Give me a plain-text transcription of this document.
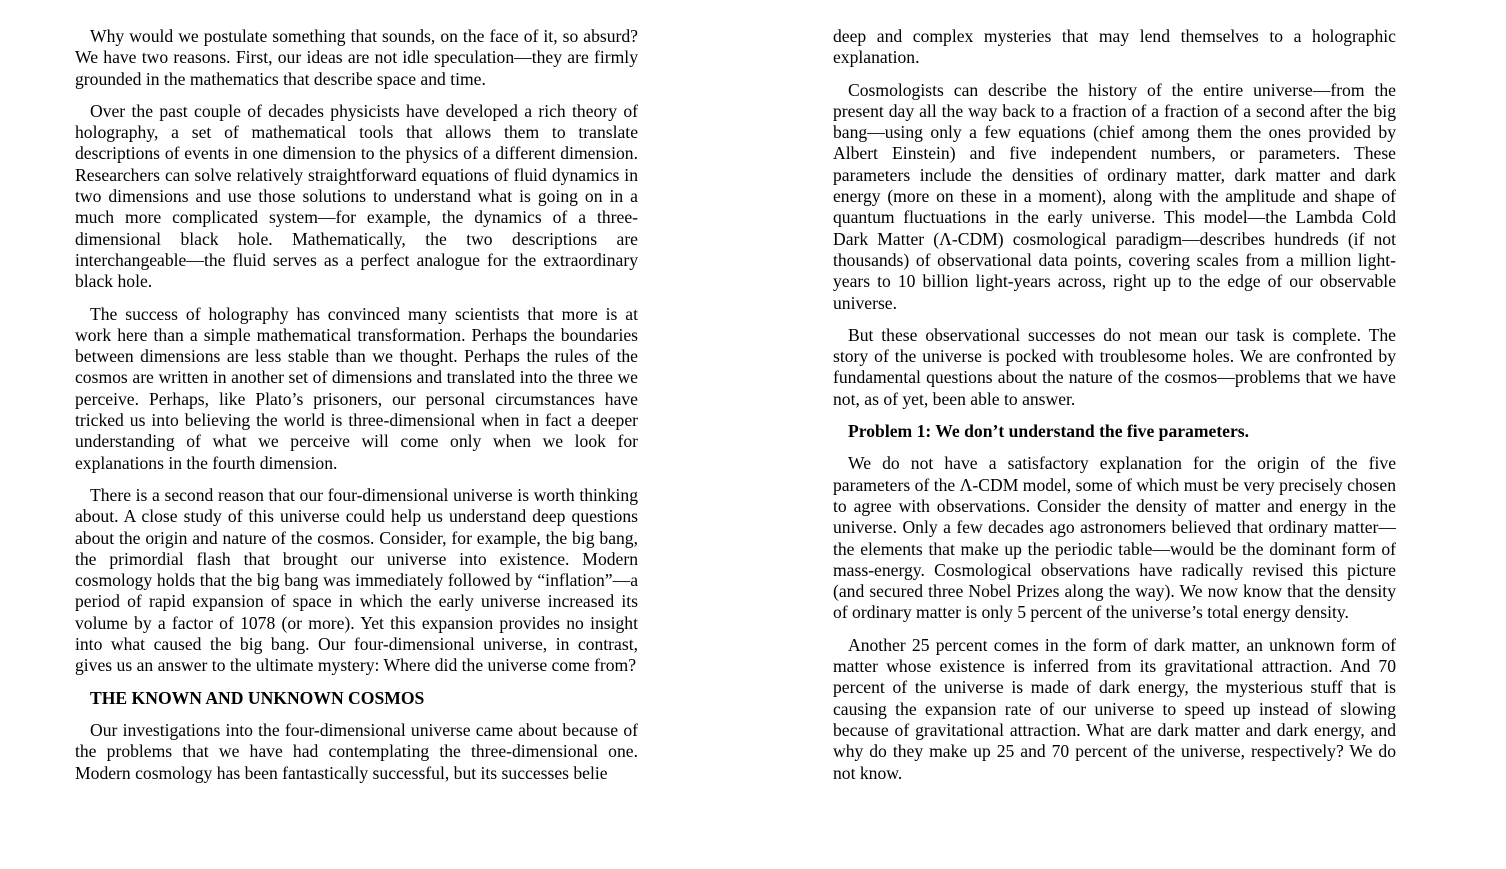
Why would we postulate something that sounds, on the face of it, so absurd? We have two reasons. First, our ideas are not idle speculation—they are firmly grounded in the mathematics that describe space and time.

Over the past couple of decades physicists have developed a rich theory of holography, a set of mathematical tools that allows them to translate descriptions of events in one dimension to the physics of a different dimension. Researchers can solve relatively straightforward equations of fluid dynamics in two dimensions and use those solutions to understand what is going on in a much more complicated system—for example, the dynamics of a three-dimensional black hole. Mathematically, the two descriptions are interchangeable—the fluid serves as a perfect analogue for the extraordinary black hole.

The success of holography has convinced many scientists that more is at work here than a simple mathematical transformation. Perhaps the boundaries between dimensions are less stable than we thought. Perhaps the rules of the cosmos are written in another set of dimensions and translated into the three we perceive. Perhaps, like Plato’s prisoners, our personal circumstances have tricked us into believing the world is three-dimensional when in fact a deeper understanding of what we perceive will come only when we look for explanations in the fourth dimension.

There is a second reason that our four-dimensional universe is worth thinking about. A close study of this universe could help us understand deep questions about the origin and nature of the cosmos. Consider, for example, the big bang, the primordial flash that brought our universe into existence. Modern cosmology holds that the big bang was immediately followed by “inflation”—a period of rapid expansion of space in which the early universe increased its volume by a factor of 1078 (or more). Yet this expansion provides no insight into what caused the big bang. Our four-dimensional universe, in contrast, gives us an answer to the ultimate mystery: Where did the universe come from?

THE KNOWN AND UNKNOWN COSMOS

Our investigations into the four-dimensional universe came about because of the problems that we have had contemplating the three-dimensional one. Modern cosmology has been fantastically successful, but its successes belie

deep and complex mysteries that may lend themselves to a holographic explanation.

Cosmologists can describe the history of the entire universe—from the present day all the way back to a fraction of a fraction of a second after the big bang—using only a few equations (chief among them the ones provided by Albert Einstein) and five independent numbers, or parameters. These parameters include the densities of ordinary matter, dark matter and dark energy (more on these in a moment), along with the amplitude and shape of quantum fluctuations in the early universe. This model—the Lambda Cold Dark Matter (Λ-CDM) cosmological paradigm—describes hundreds (if not thousands) of observational data points, covering scales from a million light-years to 10 billion light-years across, right up to the edge of our observable universe.

But these observational successes do not mean our task is complete. The story of the universe is pocked with troublesome holes. We are confronted by fundamental questions about the nature of the cosmos—problems that we have not, as of yet, been able to answer.

Problem 1: We don’t understand the five parameters.

We do not have a satisfactory explanation for the origin of the five parameters of the Λ-CDM model, some of which must be very precisely chosen to agree with observations. Consider the density of matter and energy in the universe. Only a few decades ago astronomers believed that ordinary matter—the elements that make up the periodic table—would be the dominant form of mass-energy. Cosmological observations have radically revised this picture (and secured three Nobel Prizes along the way). We now know that the density of ordinary matter is only 5 percent of the universe’s total energy density.

Another 25 percent comes in the form of dark matter, an unknown form of matter whose existence is inferred from its gravitational attraction. And 70 percent of the universe is made of dark energy, the mysterious stuff that is causing the expansion rate of our universe to speed up instead of slowing because of gravitational attraction. What are dark matter and dark energy, and why do they make up 25 and 70 percent of the universe, respectively? We do not know.
